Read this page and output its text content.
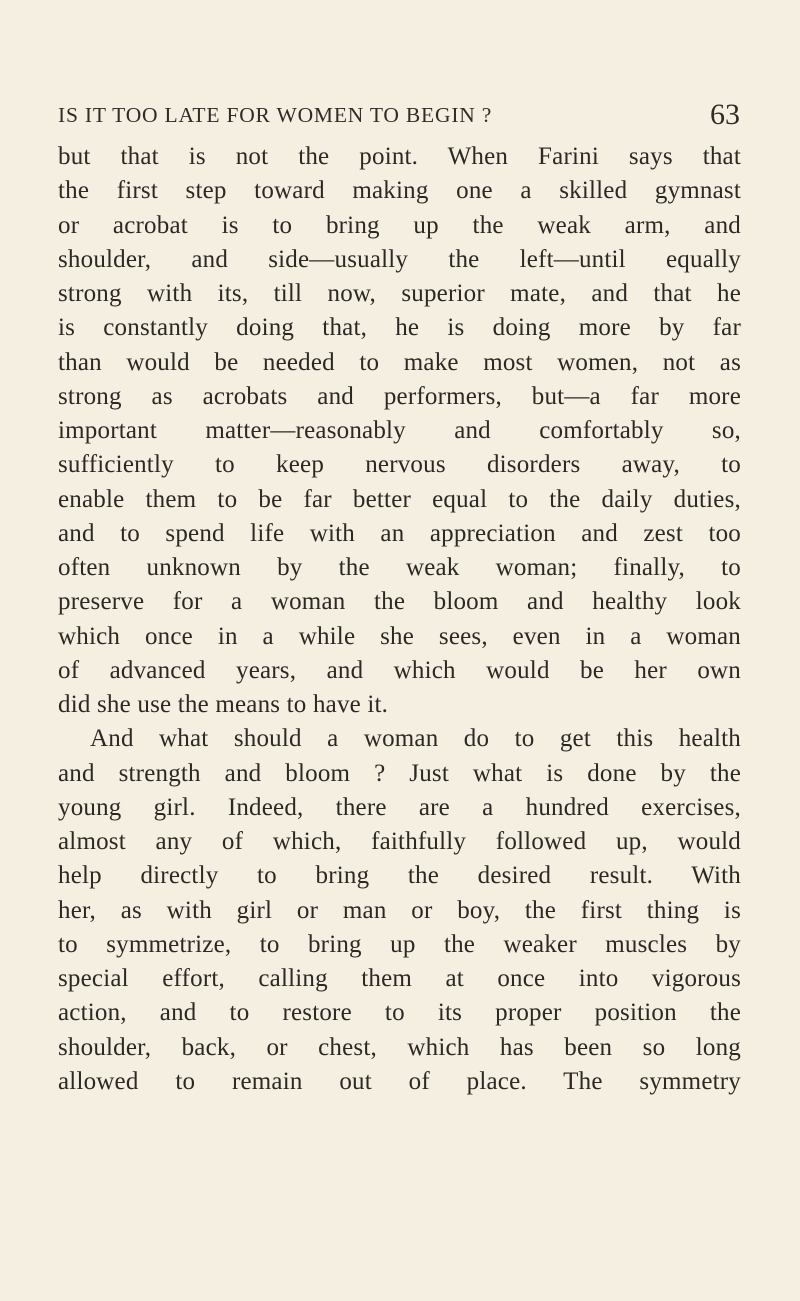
IS IT TOO LATE FOR WOMEN TO BEGIN ?	63
but that is not the point. When Farini says that
the first step toward making one a skilled gymnast
or acrobat is to bring up the weak arm, and
shoulder, and side—usually the left—until equally
strong with its, till now, superior mate, and that he
is constantly doing that, he is doing more by far
than would be needed to make most women, not as
strong as acrobats and performers, but—a far more
important matter—reasonably and comfortably so,
sufficiently to keep nervous disorders away, to
enable them to be far better equal to the daily duties,
and to spend life with an appreciation and zest too
often unknown by the weak woman; finally, to
preserve for a woman the bloom and healthy look
which once in a while she sees, even in a woman
of advanced years, and which would be her own
did she use the means to have it.
And what should a woman do to get this health
and strength and bloom ? Just what is done by the
young girl. Indeed, there are a hundred exercises,
almost any of which, faithfully followed up, would
help directly to bring the desired result. With
her, as with girl or man or boy, the first thing is
to symmetrize, to bring up the weaker muscles by
special effort, calling them at once into vigorous
action, and to restore to its proper position the
shoulder, back, or chest, which has been so long
allowed to remain out of place. The symmetry
